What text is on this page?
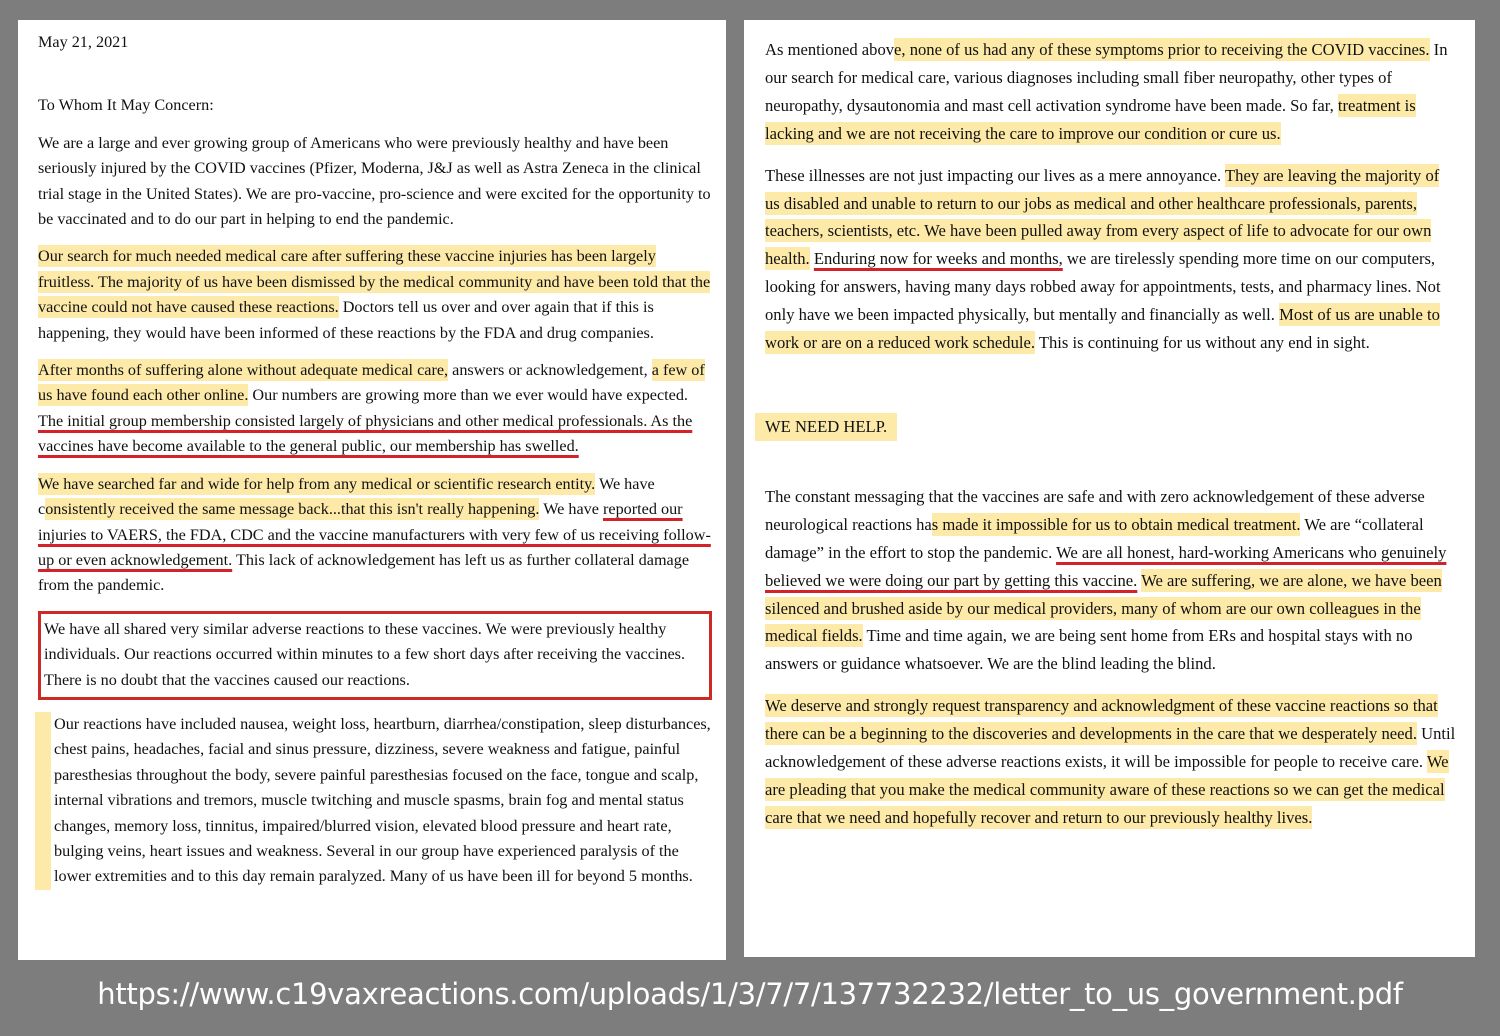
May 21, 2021

To Whom It May Concern:

We are a large and ever growing group of Americans who were previously healthy and have been seriously injured by the COVID vaccines (Pfizer, Moderna, J&J as well as Astra Zeneca in the clinical trial stage in the United States). We are pro-vaccine, pro-science and were excited for the opportunity to be vaccinated and to do our part in helping to end the pandemic.

Our search for much needed medical care after suffering these vaccine injuries has been largely fruitless. The majority of us have been dismissed by the medical community and have been told that the vaccine could not have caused these reactions. Doctors tell us over and over again that if this is happening, they would have been informed of these reactions by the FDA and drug companies.

After months of suffering alone without adequate medical care, answers or acknowledgement, a few of us have found each other online. Our numbers are growing more than we ever would have expected. The initial group membership consisted largely of physicians and other medical professionals. As the vaccines have become available to the general public, our membership has swelled.

We have searched far and wide for help from any medical or scientific research entity. We have consistently received the same message back...that this isn't really happening. We have reported our injuries to VAERS, the FDA, CDC and the vaccine manufacturers with very few of us receiving follow-up or even acknowledgement. This lack of acknowledgement has left us as further collateral damage from the pandemic.

We have all shared very similar adverse reactions to these vaccines. We were previously healthy individuals. Our reactions occurred within minutes to a few short days after receiving the vaccines. There is no doubt that the vaccines caused our reactions.

Our reactions have included nausea, weight loss, heartburn, diarrhea/constipation, sleep disturbances, chest pains, headaches, facial and sinus pressure, dizziness, severe weakness and fatigue, painful paresthesias throughout the body, severe painful paresthesias focused on the face, tongue and scalp, internal vibrations and tremors, muscle twitching and muscle spasms, brain fog and mental status changes, memory loss, tinnitus, impaired/blurred vision, elevated blood pressure and heart rate, bulging veins, heart issues and weakness. Several in our group have experienced paralysis of the lower extremities and to this day remain paralyzed. Many of us have been ill for beyond 5 months.

As mentioned above, none of us had any of these symptoms prior to receiving the COVID vaccines. In our search for medical care, various diagnoses including small fiber neuropathy, other types of neuropathy, dysautonomia and mast cell activation syndrome have been made. So far, treatment is lacking and we are not receiving the care to improve our condition or cure us.

These illnesses are not just impacting our lives as a mere annoyance. They are leaving the majority of us disabled and unable to return to our jobs as medical and other healthcare professionals, parents, teachers, scientists, etc. We have been pulled away from every aspect of life to advocate for our own health. Enduring now for weeks and months, we are tirelessly spending more time on our computers, looking for answers, having many days robbed away for appointments, tests, and pharmacy lines. Not only have we been impacted physically, but mentally and financially as well. Most of us are unable to work or are on a reduced work schedule. This is continuing for us without any end in sight.

WE NEED HELP.

The constant messaging that the vaccines are safe and with zero acknowledgement of these adverse neurological reactions has made it impossible for us to obtain medical treatment. We are “collateral damage” in the effort to stop the pandemic. We are all honest, hard-working Americans who genuinely believed we were doing our part by getting this vaccine. We are suffering, we are alone, we have been silenced and brushed aside by our medical providers, many of whom are our own colleagues in the medical fields. Time and time again, we are being sent home from ERs and hospital stays with no answers or guidance whatsoever. We are the blind leading the blind.

We deserve and strongly request transparency and acknowledgment of these vaccine reactions so that there can be a beginning to the discoveries and developments in the care that we desperately need. Until acknowledgement of these adverse reactions exists, it will be impossible for people to receive care. We are pleading that you make the medical community aware of these reactions so we can get the medical care that we need and hopefully recover and return to our previously healthy lives.

https://www.c19vaxreactions.com/uploads/1/3/7/7/137732232/letter_to_us_government.pdf
